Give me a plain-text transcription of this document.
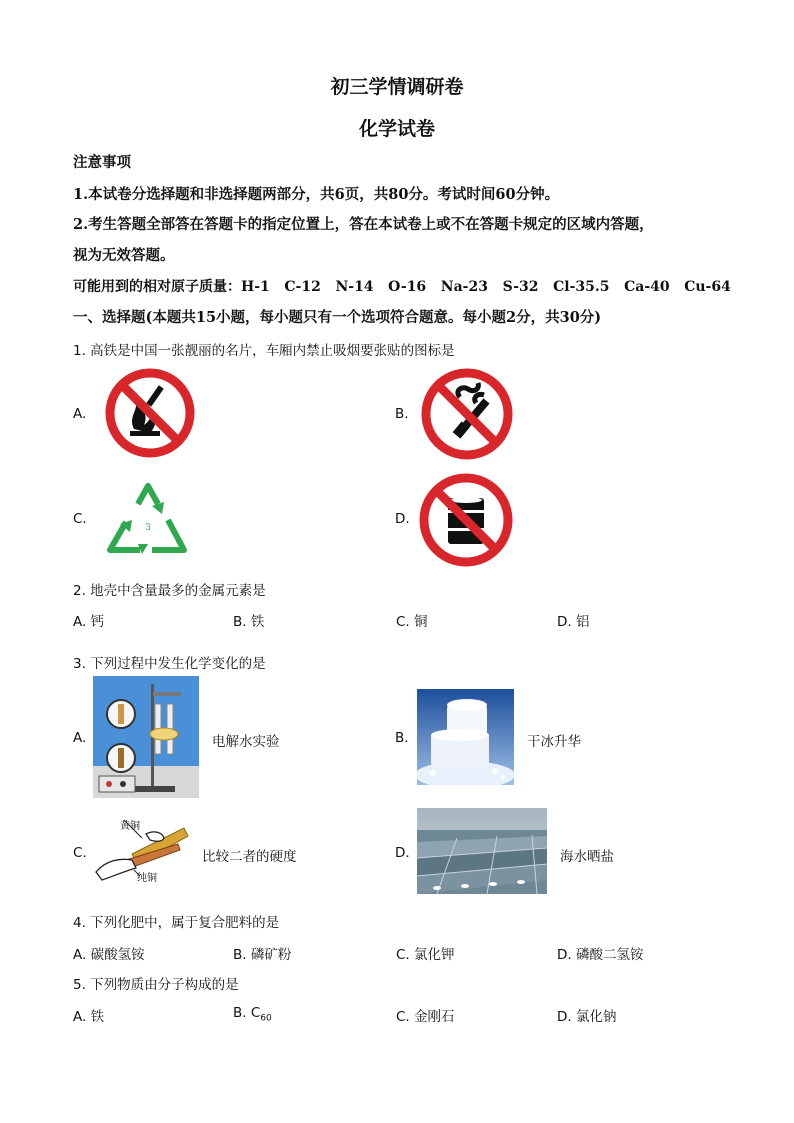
初三学情调研卷
化学试卷
注意事项
1.本试卷分选择题和非选择题两部分，共6页，共80分。考试时间60分钟。
2.考生答题全部答在答题卡的指定位置上，答在本试卷上或不在答题卡规定的区域内答题，
视为无效答题。
可能用到的相对原子质量：H-1   C-12   N-14   O-16   Na-23   S-32   Cl-35.5   Ca-40   Cu-64
一、选择题(本题共15小题，每小题只有一个选项符合题意。每小题2分，共30分)
1. 高铁是中国一张靓丽的名片，车厢内禁止吸烟要张贴的图标是
A.	B.
C.
3
D.
2. 地壳中含量最多的金属元素是
A. 钙	B. 铁	C. 铜	D. 铝
3. 下列过程中发生化学变化的是
A.	电解水实验	B.	干冰升华
C.
黄铜
纯铜
比较二者的硬度	D.	海水晒盐
4. 下列化肥中，属于复合肥料的是
A. 碳酸氢铵	B. 磷矿粉	C. 氯化钾	D. 磷酸二氢铵
5. 下列物质由分子构成的是
A. 铁	B. $C_{60}$	C. 金刚石	D. 氯化钠
